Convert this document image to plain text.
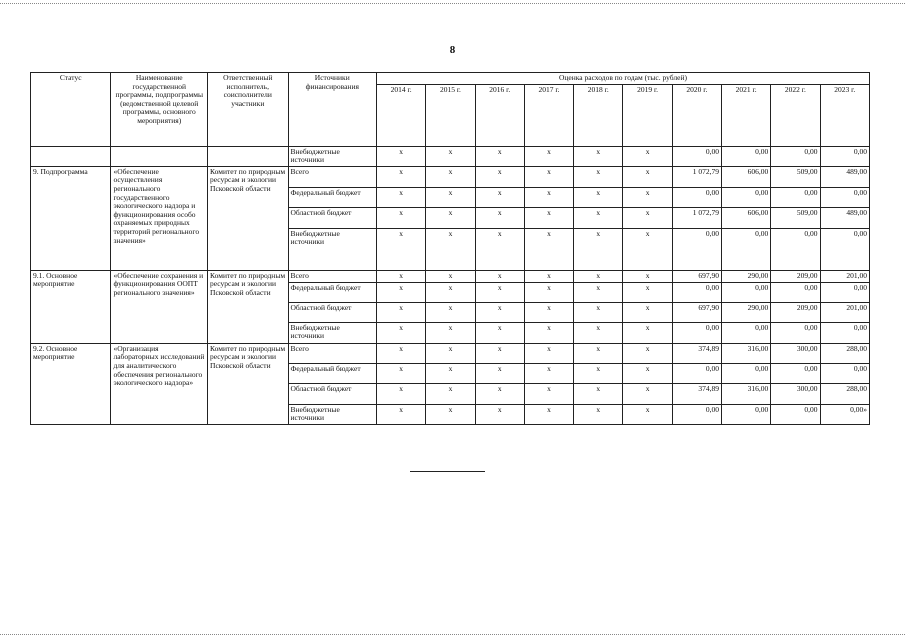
8
Статус	Наименование государственной программы, подпрограммы (ведомственной целевой программы, основного мероприятия)	Ответственный исполнитель, соисполнители участники	Источники финансирования	Оценка расходов по годам (тыс. рублей)									
				2014 г.	2015 г.	2016 г.	2017 г.	2018 г.	2019 г.	2020 г.	2021 г.	2022 г.	2023 г.
			Внебюджетные источники	x	x	x	x	x	x	0,00	0,00	0,00	0,00
9. Подпрограмма	«Обеспечение осуществления регионального государственного экологического надзора и функционирования особо охраняемых природных территорий регионального значения»	Комитет по природным ресурсам и экологии Псковской области	Всего	x	x	x	x	x	x	1 072,79	606,00	509,00	489,00
			Федеральный бюджет	x	x	x	x	x	x	0,00	0,00	0,00	0,00
			Областной бюджет	x	x	x	x	x	x	1 072,79	606,00	509,00	489,00
			Внебюджетные источники	x	x	x	x	x	x	0,00	0,00	0,00	0,00
9.1. Основное мероприятие	«Обеспечение сохранения и функционирования ООПТ регионального значения»	Комитет по природным ресурсам и экологии Псковской области	Всего	x	x	x	x	x	x	697,90	290,00	209,00	201,00
			Федеральный бюджет	x	x	x	x	x	x	0,00	0,00	0,00	0,00
			Областной бюджет	x	x	x	x	x	x	697,90	290,00	209,00	201,00
			Внебюджетные источники	x	x	x	x	x	x	0,00	0,00	0,00	0,00
9.2. Основное мероприятие	«Организация лабораторных исследований для аналитического обеспечения регионального экологического надзора»	Комитет по природным ресурсам и экологии Псковской области	Всего	x	x	x	x	x	x	374,89	316,00	300,00	288,00
			Федеральный бюджет	x	x	x	x	x	x	0,00	0,00	0,00	0,00
			Областной бюджет	x	x	x	x	x	x	374,89	316,00	300,00	288,00
			Внебюджетные источники	x	x	x	x	x	x	0,00	0,00	0,00	0,00»
